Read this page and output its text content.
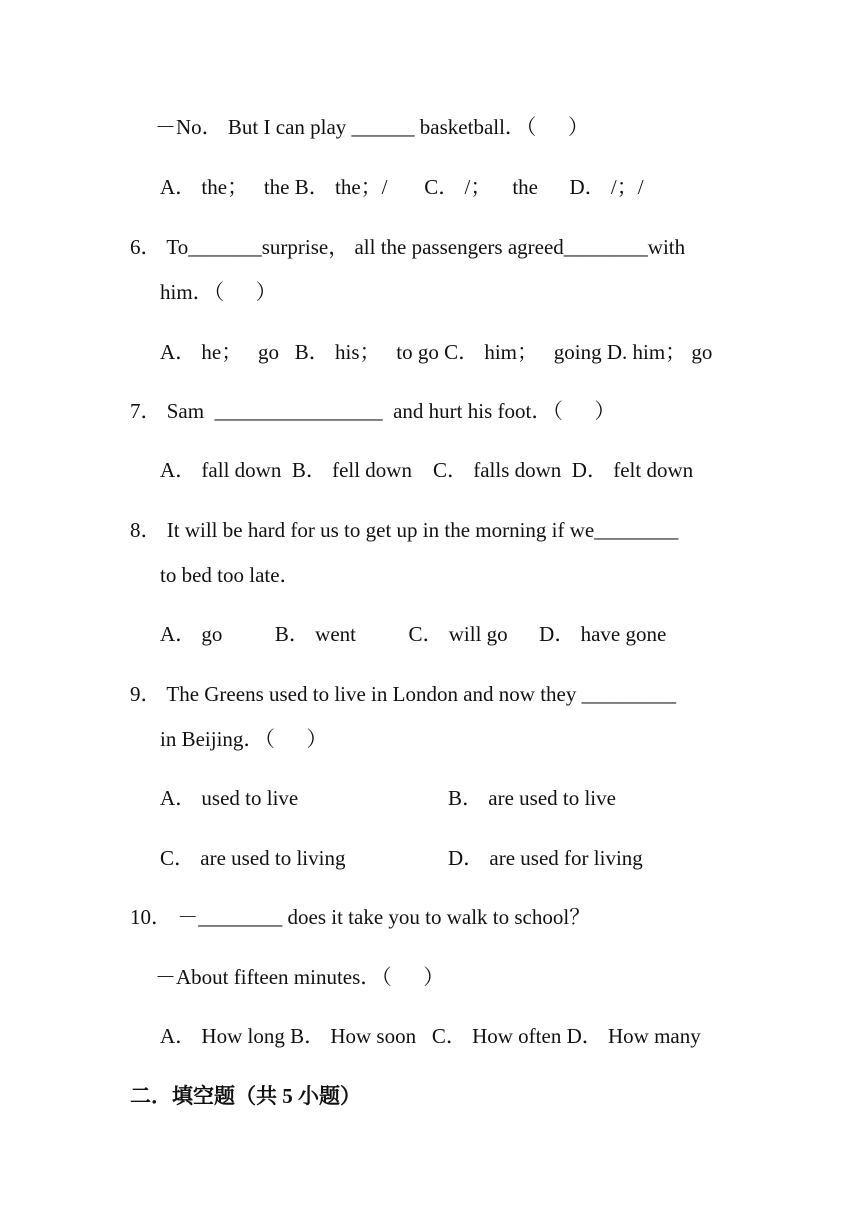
－No． But I can play ______ basketball．（      ）
A． the；   the B． the；/       C． /；    the      D． /；/
6． To_______surprise， all the passengers agreed________with
him．（      ）
A． he；   go   B． his；   to go C． him；   going D. him； go
7． Sam  ________________  and hurt his foot．（      ）
A． fall down  B． fell down    C． falls down  D． felt down
8． It will be hard for us to get up in the morning if we________
to bed too late．
A． go          B． went          C． will go      D． have gone
9． The Greens used to live in London and now they _________
in Beijing．（      ）
A． used to live	B． are used to live
C． are used to living	D． are used for living
10． －________ does it take you to walk to school？
－About fifteen minutes．（      ）
A． How long B． How soon   C． How often D． How many
二．填空题（共 5 小题）
